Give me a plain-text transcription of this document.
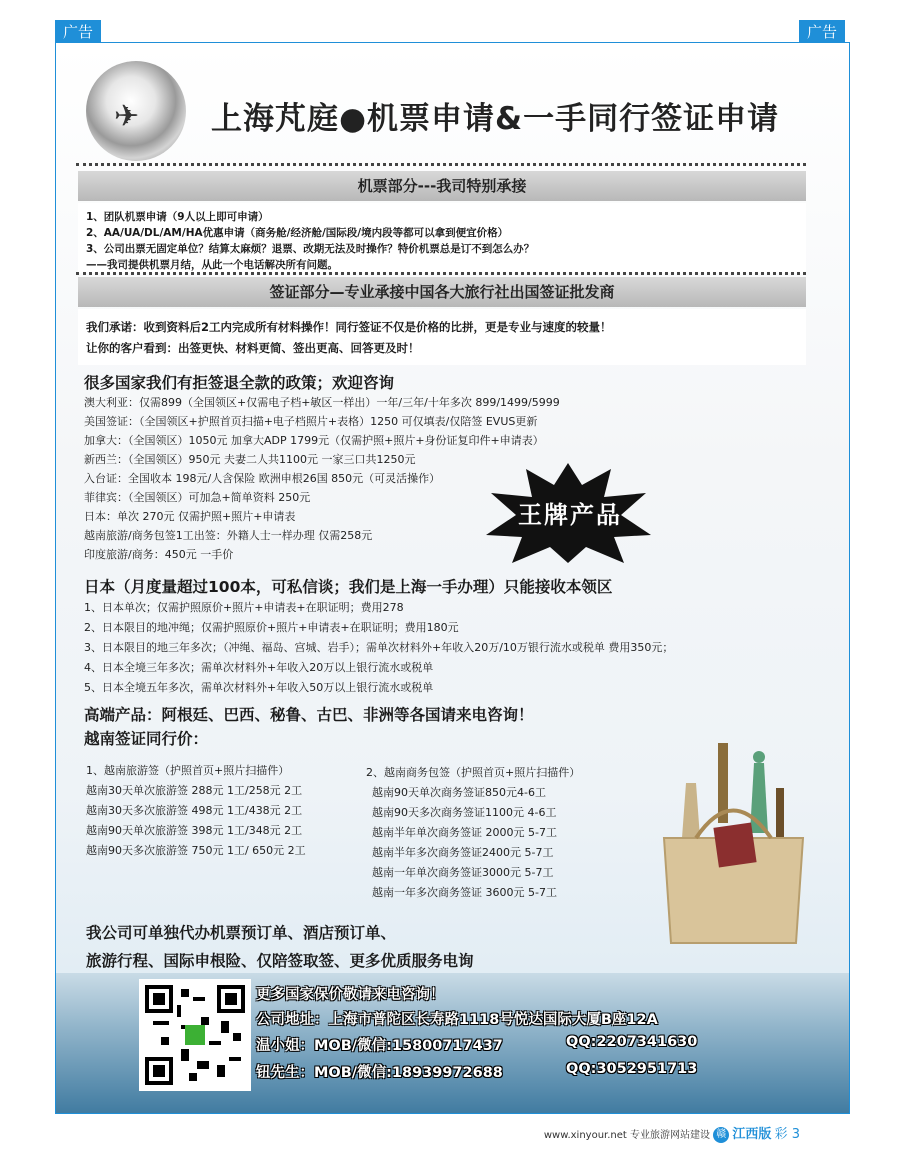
广告	广告
✈ 上海芃庭●机票申请&一手同行签证申请
机票部分---我司特别承接
1、团队机票申请（9人以上即可申请）
2、AA/UA/DL/AM/HA优惠申请（商务舱/经济舱/国际段/境内段等都可以拿到便宜价格）
3、公司出票无固定单位？结算太麻烦？退票、改期无法及时操作？特价机票总是订不到怎么办？
——我司提供机票月结，从此一个电话解决所有问题。
签证部分—专业承接中国各大旅行社出国签证批发商
我们承诺：收到资料后2工内完成所有材料操作！同行签证不仅是价格的比拼，更是专业与速度的较量！
让你的客户看到：出签更快、材料更简、签出更高、回答更及时！
很多国家我们有拒签退全款的政策；欢迎咨询
澳大利亚：仅需899（全国领区+仅需电子档+敏区一样出）一年/三年/十年多次 899/1499/5999
美国签证：（全国领区+护照首页扫描+电子档照片+表格）1250 可仅填表/仅陪签 EVUS更新
加拿大：（全国领区）1050元 加拿大ADP 1799元（仅需护照+照片+身份证复印件+申请表）
新西兰：（全国领区）950元 夫妻二人共1100元 一家三口共1250元
入台证：全国收本 198元/人含保险 欧洲申根26国 850元（可灵活操作）
菲律宾：（全国领区）可加急+简单资料 250元
日本：单次 270元 仅需护照+照片+申请表
越南旅游/商务包签1工出签：外籍人士一样办理 仅需258元
印度旅游/商务：450元 一手价
王牌产品
日本（月度量超过100本，可私信谈；我们是上海一手办理）只能接收本领区
1、日本单次；仅需护照原价+照片+申请表+在职证明；费用278
2、日本限目的地冲绳；仅需护照原价+照片+申请表+在职证明；费用180元
3、日本限目的地三年多次；（冲绳、福岛、宫城、岩手）；需单次材料外+年收入20万/10万银行流水或税单 费用350元；
4、日本全境三年多次；需单次材料外+年收入20万以上银行流水或税单
5、日本全境五年多次，需单次材料外+年收入50万以上银行流水或税单
高端产品：阿根廷、巴西、秘鲁、古巴、非洲等各国请来电咨询！
越南签证同行价：
1、越南旅游签（护照首页+照片扫描件）
越南30天单次旅游签 288元 1工/258元 2工
越南30天多次旅游签 498元 1工/438元 2工
越南90天单次旅游签 398元 1工/348元 2工
越南90天多次旅游签 750元 1工/ 650元 2工
2、越南商务包签（护照首页+照片扫描件）
越南90天单次商务签证850元4-6工
越南90天多次商务签证1100元 4-6工
越南半年单次商务签证 2000元 5-7工
越南半年多次商务签证2400元 5-7工
越南一年单次商务签证3000元 5-7工
越南一年多次商务签证 3600元 5-7工
我公司可单独代办机票预订单、酒店预订单、
旅游行程、国际申根险、仅陪签取签、更多优质服务电询
更多国家保价敬请来电咨询！
公司地址：上海市普陀区长寿路1118号悦达国际大厦B座12A
温小姐：MOB/微信:15800717437	QQ:2207341630
钮先生：MOB/微信:18939972688	QQ:3052951713
www.xinyour.net 专业旅游网站建设 赣 江西版 彩 3
